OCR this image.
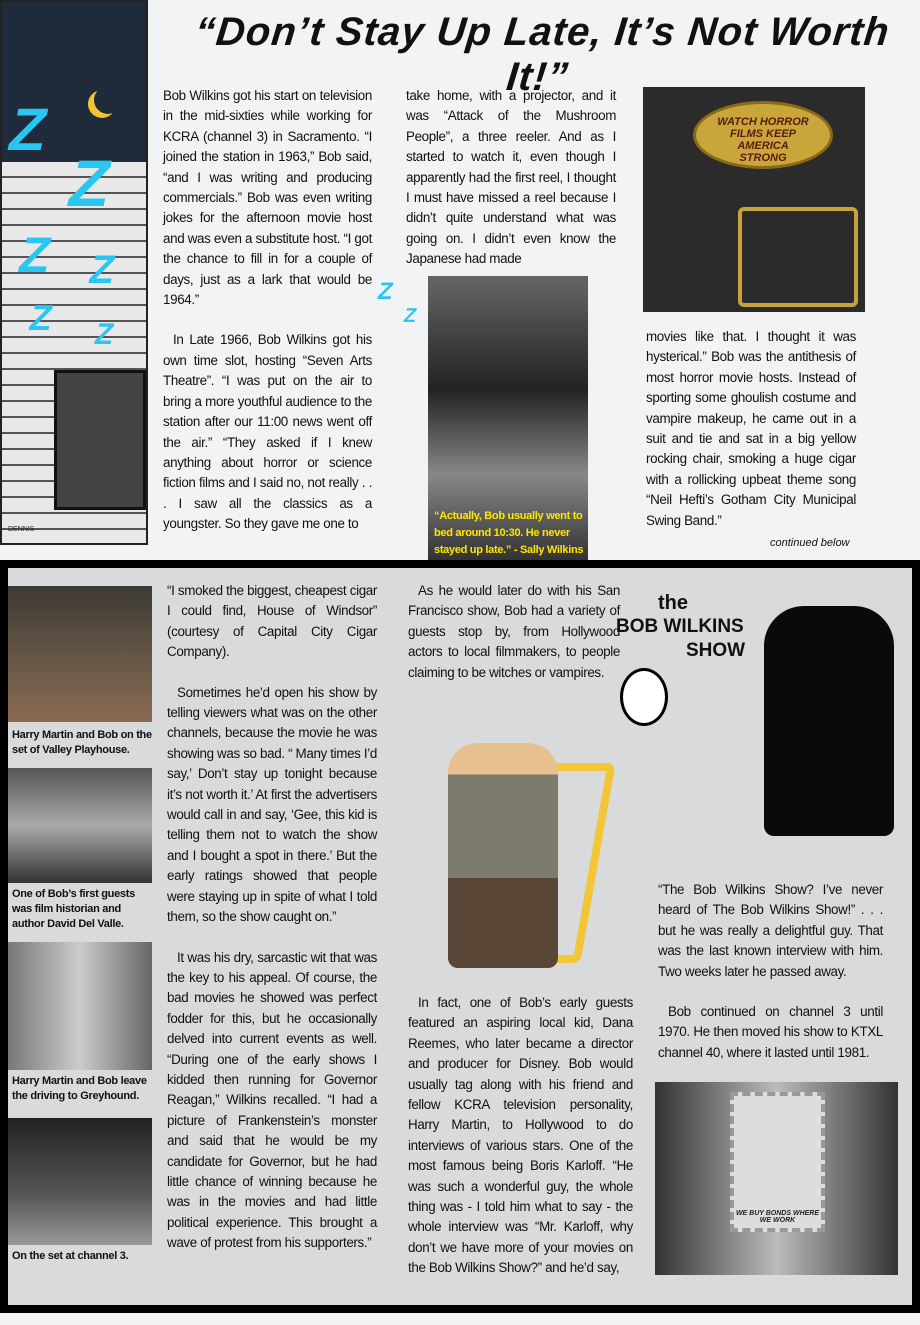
DENNIS
“Don’t Stay Up Late, It’s Not Worth It!”

Bob Wilkins got his start on television in the mid-sixties while working for KCRA (channel 3) in Sacramento. “I joined the station in 1963,” Bob said, “and I was writing and producing commercials.” Bob was even writing jokes for the afternoon movie host and was even a substitute host. “I got the chance to fill in for a couple of days, just as a lark that would be 1964.”

In Late 1966, Bob Wilkins got his own time slot, hosting “Seven Arts Theatre”. “I was put on the air to bring a more youthful audience to the station after our 11:00 news went off the air.” “They asked if I knew anything about horror or science fiction films and I said no, not really . . . I saw all the classics as a youngster. So they gave me one to

take home, with a projector, and it was “Attack of the Mushroom People”, a three reeler. And as I started to watch it, even though I apparently had the first reel, I thought I must have missed a reel because I didn’t quite understand what was going on. I didn’t even know the Japanese had made

Z
Z
Z Z
Z Z
Z
Z
“Actually, Bob usually went to bed around 10:30. He never stayed up late.” - Sally Wilkins
WATCH HORROR FILMS KEEP AMERICA STRONG

movies like that. I thought it was hysterical.” Bob was the antithesis of most horror movie hosts. Instead of sporting some ghoulish costume and vampire makeup, he came out in a suit and tie and sat in a big yellow rocking chair, smoking a huge cigar with a rollicking upbeat theme song “Neil Hefti’s Gotham City Municipal Swing Band.”

continued below
Harry Martin and Bob on the set of Valley Playhouse.
One of Bob’s first guests was film historian and author David Del Valle.
Harry Martin and Bob leave the driving to Greyhound.
On the set at channel 3.

“I smoked the biggest, cheapest cigar I could find, House of Windsor” (courtesy of Capital City Cigar Company).

Sometimes he’d open his show by telling viewers what was on the other channels, because the movie he was showing was so bad. “ Many times I’d say,’ Don’t stay up tonight because it’s not worth it.’ At first the advertisers would call in and say, ‘Gee, this kid is telling them not to watch the show and I bought a spot in there.’ But the early ratings showed that people were staying up in spite of what I told them, so the show caught on.”

It was his dry, sarcastic wit that was the key to his appeal. Of course, the bad movies he showed was perfect fodder for this, but he occasionally delved into current events as well. “During one of the early shows I kidded then running for Governor Reagan,” Wilkins recalled. “I had a picture of Frankenstein’s monster and said that he would be my candidate for Governor, but he had little chance of winning because he was in the movies and had little political experience. This brought a wave of protest from his supporters.”

As he would later do with his San Francisco show, Bob had a variety of guests stop by, from Hollywood actors to local filmmakers, to people claiming to be witches or vampires.

the
BOB WILKINS
SHOW

In fact, one of Bob’s early guests featured an aspiring local kid, Dana Reemes, who later became a director and producer for Disney. Bob would usually tag along with his friend and fellow KCRA television personality, Harry Martin, to Hollywood to do interviews of various stars. One of the most famous being Boris Karloff. “He was such a wonderful guy, the whole thing was - I told him what to say - the whole interview was “Mr. Karloff, why don’t we have more of your movies on the Bob Wilkins Show?” and he’d say,

“The Bob Wilkins Show? I’ve never heard of The Bob Wilkins Show!” . . . but he was really a delightful guy. That was the last known interview with him. Two weeks later he passed away.

Bob continued on channel 3 until 1970. He then moved his show to KTXL channel 40, where it lasted until 1981.

WE BUY BONDS WHERE WE WORK
